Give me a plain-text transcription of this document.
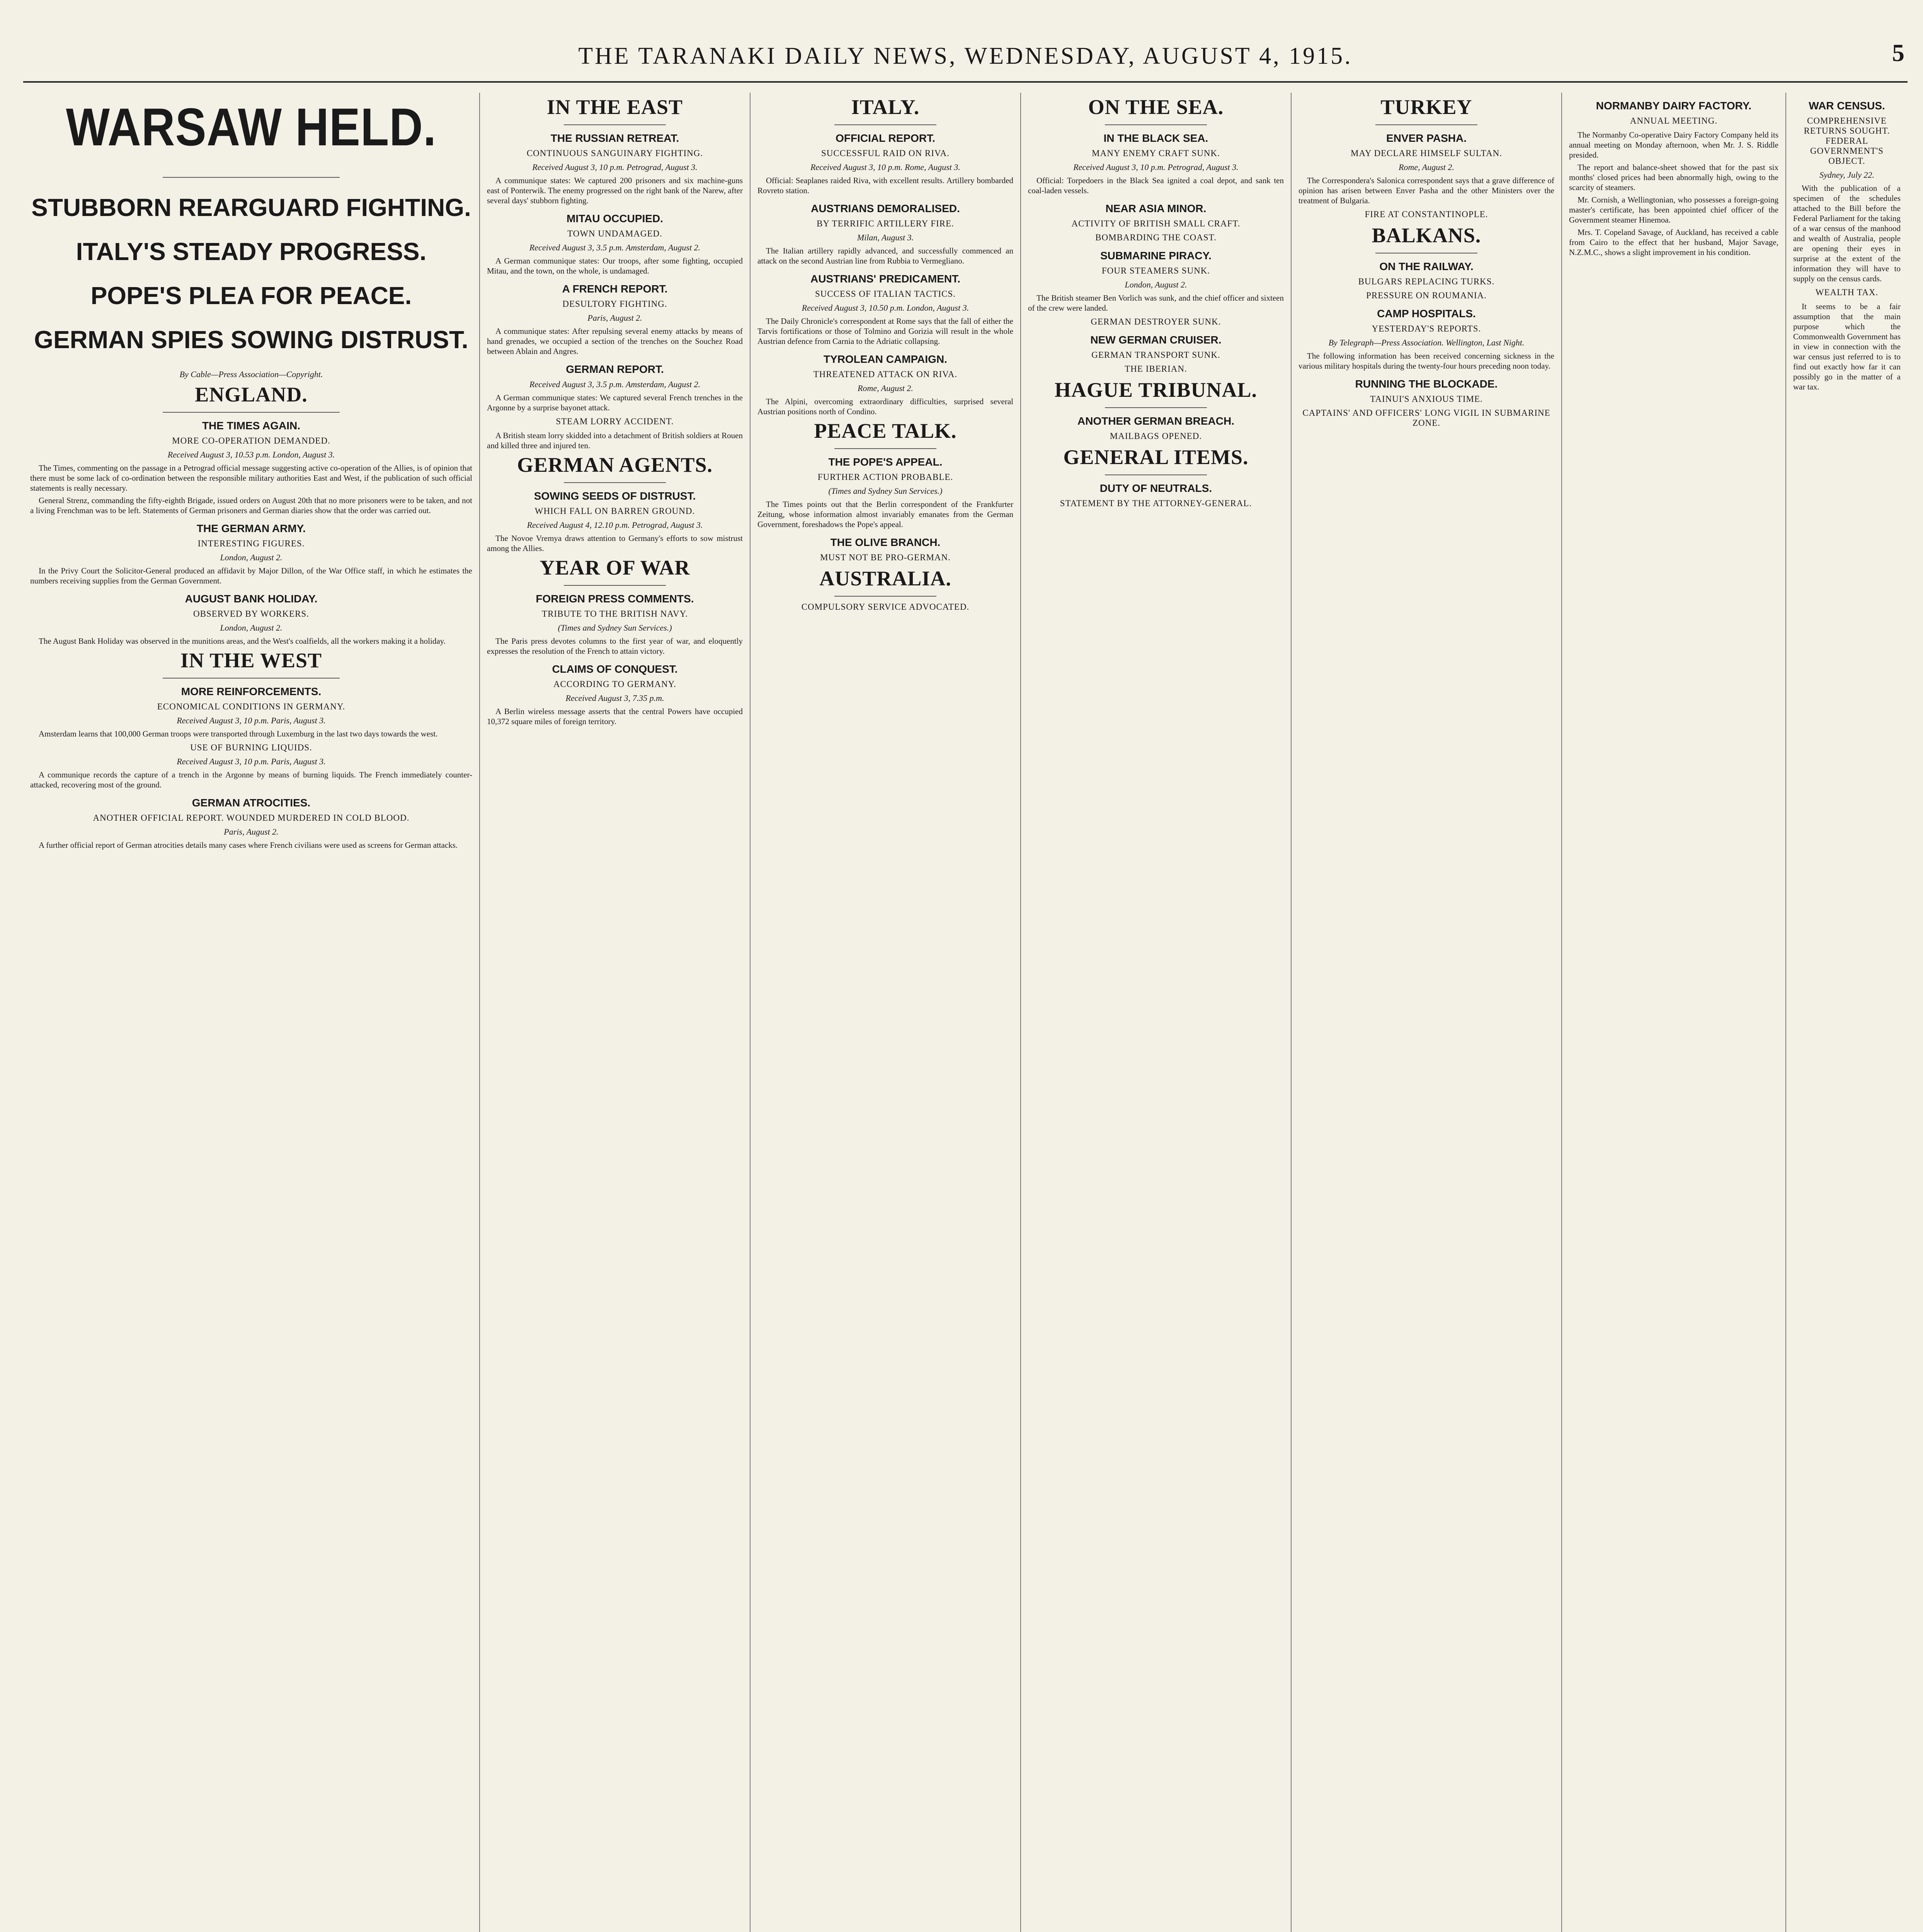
THE TARANAKI DAILY NEWS, WEDNESDAY, AUGUST 4, 1915.	5
WARSAW HELD.
STUBBORN REARGUARD FIGHTING.
ITALY'S STEADY PROGRESS.
POPE'S PLEA FOR PEACE.
GERMAN SPIES SOWING DISTRUST.
By Cable—Press Association—Copyright.
ENGLAND.
THE TIMES AGAIN.
MORE CO-OPERATION DEMANDED.
Received August 3, 10.53 p.m. London, August 3.

The Times, commenting on the passage in a Petrograd official message suggesting active co-operation of the Allies, is of opinion that there must be some lack of co-ordination between the responsible military authorities East and West, if the publication of such official statements is really necessary.

General Strenz, commanding the fifty-eighth Brigade, issued orders on August 20th that no more prisoners were to be taken, and not a living Frenchman was to be left. Statements of German prisoners and German diaries show that the order was carried out.

THE GERMAN ARMY.
INTERESTING FIGURES.
London, August 2.

In the Privy Court the Solicitor-General produced an affidavit by Major Dillon, of the War Office staff, in which he estimates the numbers receiving supplies from the German Government.

AUGUST BANK HOLIDAY.
OBSERVED BY WORKERS.
London, August 2.

The August Bank Holiday was observed in the munitions areas, and the West's coalfields, all the workers making it a holiday.

IN THE WEST
MORE REINFORCEMENTS.
ECONOMICAL CONDITIONS IN GERMANY.
Received August 3, 10 p.m. Paris, August 3.

Amsterdam learns that 100,000 German troops were transported through Luxemburg in the last two days towards the west.

USE OF BURNING LIQUIDS.
Received August 3, 10 p.m. Paris, August 3.

A communique records the capture of a trench in the Argonne by means of burning liquids. The French immediately counter-attacked, recovering most of the ground.

GERMAN ATROCITIES.
ANOTHER OFFICIAL REPORT. WOUNDED MURDERED IN COLD BLOOD.
Paris, August 2.

A further official report of German atrocities details many cases where French civilians were used as screens for German attacks.

IN THE EAST
THE RUSSIAN RETREAT.
CONTINUOUS SANGUINARY FIGHTING.
Received August 3, 10 p.m. Petrograd, August 3.

A communique states: We captured 200 prisoners and six machine-guns east of Ponterwik. The enemy progressed on the right bank of the Narew, after several days' stubborn fighting.

MITAU OCCUPIED.
TOWN UNDAMAGED.
Received August 3, 3.5 p.m. Amsterdam, August 2.

A German communique states: Our troops, after some fighting, occupied Mitau, and the town, on the whole, is undamaged.

A FRENCH REPORT.
DESULTORY FIGHTING.
Paris, August 2.

A communique states: After repulsing several enemy attacks by means of hand grenades, we occupied a section of the trenches on the Souchez Road between Ablain and Angres.

GERMAN REPORT.
Received August 3, 3.5 p.m. Amsterdam, August 2.

A German communique states: We captured several French trenches in the Argonne by a surprise bayonet attack.

STEAM LORRY ACCIDENT.

A British steam lorry skidded into a detachment of British soldiers at Rouen and killed three and injured ten.

GERMAN AGENTS.
SOWING SEEDS OF DISTRUST.
WHICH FALL ON BARREN GROUND.
Received August 4, 12.10 p.m. Petrograd, August 3.

The Novoe Vremya draws attention to Germany's efforts to sow mistrust among the Allies.

YEAR OF WAR
FOREIGN PRESS COMMENTS.
TRIBUTE TO THE BRITISH NAVY.
(Times and Sydney Sun Services.)

The Paris press devotes columns to the first year of war, and eloquently expresses the resolution of the French to attain victory.

CLAIMS OF CONQUEST.
ACCORDING TO GERMANY.
Received August 3, 7.35 p.m.

A Berlin wireless message asserts that the central Powers have occupied 10,372 square miles of foreign territory.

ITALY.
OFFICIAL REPORT.
SUCCESSFUL RAID ON RIVA.
Received August 3, 10 p.m. Rome, August 3.

Official: Seaplanes raided Riva, with excellent results. Artillery bombarded Rovreto station.

AUSTRIANS DEMORALISED.
BY TERRIFIC ARTILLERY FIRE.
Milan, August 3.

The Italian artillery rapidly advanced, and successfully commenced an attack on the second Austrian line from Rubbia to Vermegliano.

AUSTRIANS' PREDICAMENT.
SUCCESS OF ITALIAN TACTICS.
Received August 3, 10.50 p.m. London, August 3.

The Daily Chronicle's correspondent at Rome says that the fall of either the Tarvis fortifications or those of Tolmino and Gorizia will result in the whole Austrian defence from Carnia to the Adriatic collapsing.

TYROLEAN CAMPAIGN.
THREATENED ATTACK ON RIVA.
Rome, August 2.

The Alpini, overcoming extraordinary difficulties, surprised several Austrian positions north of Condino.

PEACE TALK.
THE POPE'S APPEAL.
FURTHER ACTION PROBABLE.
(Times and Sydney Sun Services.)

The Times points out that the Berlin correspondent of the Frankfurter Zeitung, whose information almost invariably emanates from the German Government, foreshadows the Pope's appeal.

THE OLIVE BRANCH.
MUST NOT BE PRO-GERMAN.
AUSTRALIA.
COMPULSORY SERVICE ADVOCATED.
ON THE SEA.
IN THE BLACK SEA.
MANY ENEMY CRAFT SUNK.
Received August 3, 10 p.m. Petrograd, August 3.

Official: Torpedoers in the Black Sea ignited a coal depot, and sank ten coal-laden vessels.

NEAR ASIA MINOR.
ACTIVITY OF BRITISH SMALL CRAFT.
BOMBARDING THE COAST.
SUBMARINE PIRACY.
FOUR STEAMERS SUNK.
London, August 2.

The British steamer Ben Vorlich was sunk, and the chief officer and sixteen of the crew were landed.

GERMAN DESTROYER SUNK.
NEW GERMAN CRUISER.
GERMAN TRANSPORT SUNK.
THE IBERIAN.
HAGUE TRIBUNAL.
ANOTHER GERMAN BREACH.
MAILBAGS OPENED.
GENERAL ITEMS.
DUTY OF NEUTRALS.
STATEMENT BY THE ATTORNEY-GENERAL.
TURKEY
ENVER PASHA.
MAY DECLARE HIMSELF SULTAN.
Rome, August 2.

The Correspondera's Salonica correspondent says that a grave difference of opinion has arisen between Enver Pasha and the other Ministers over the treatment of Bulgaria.

FIRE AT CONSTANTINOPLE.
BALKANS.
ON THE RAILWAY.
BULGARS REPLACING TURKS.
PRESSURE ON ROUMANIA.
CAMP HOSPITALS.
YESTERDAY'S REPORTS.
By Telegraph—Press Association. Wellington, Last Night.

The following information has been received concerning sickness in the various military hospitals during the twenty-four hours preceding noon today.

RUNNING THE BLOCKADE.
TAINUI'S ANXIOUS TIME.
CAPTAINS' AND OFFICERS' LONG VIGIL IN SUBMARINE ZONE.
NORMANBY DAIRY FACTORY.
ANNUAL MEETING.

The Normanby Co-operative Dairy Factory Company held its annual meeting on Monday afternoon, when Mr. J. S. Riddle presided.

The report and balance-sheet showed that for the past six months' closed prices had been abnormally high, owing to the scarcity of steamers.

Mr. Cornish, a Wellingtonian, who possesses a foreign-going master's certificate, has been appointed chief officer of the Government steamer Hinemoa.

Mrs. T. Copeland Savage, of Auckland, has received a cable from Cairo to the effect that her husband, Major Savage, N.Z.M.C., shows a slight improvement in his condition.

WAR CENSUS.
COMPREHENSIVE RETURNS SOUGHT. FEDERAL GOVERNMENT'S OBJECT.
Sydney, July 22.

With the publication of a specimen of the schedules attached to the Bill before the Federal Parliament for the taking of a war census of the manhood and wealth of Australia, people are opening their eyes in surprise at the extent of the information they will have to supply on the census cards.

WEALTH TAX.

It seems to be a fair assumption that the main purpose which the Commonwealth Government has in view in connection with the war census just referred to is to find out exactly how far it can possibly go in the matter of a war tax.
